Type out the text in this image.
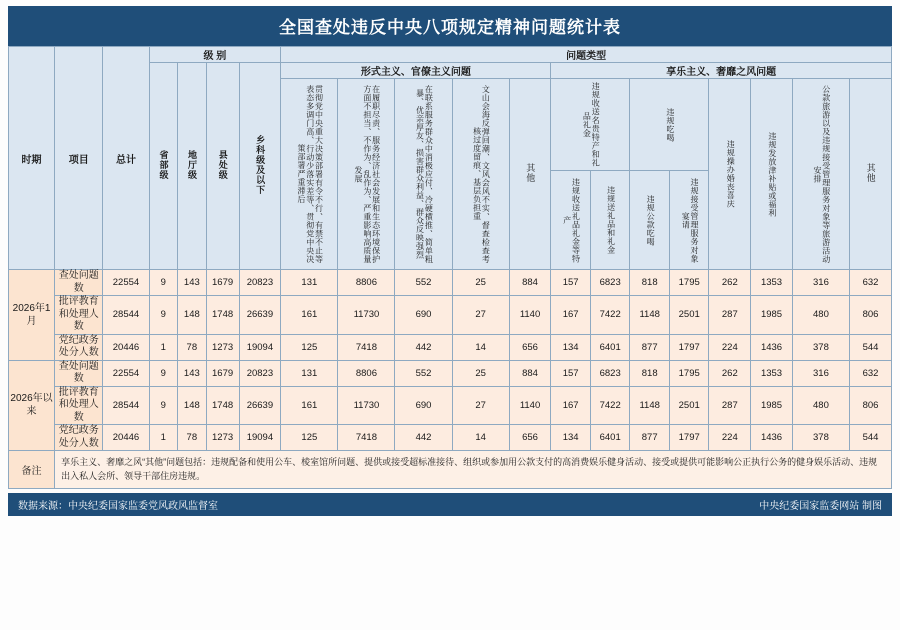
全国查处违反中央八项规定精神问题统计表
时期	项目	总计	级 别				问题类型												
			省部级	地厅级	县处级	乡科级及以下	形式主义、官僚主义问题					享乐主义、奢靡之风问题							

							贯彻党中央重大决策部署有令不行、有禁不止等表态多调门高、行动少落实差等、贯彻党中央决策部署严重滞后	在履职尽责、服务经济社会发展和生态环境保护方面不担当、不作为、乱作为、严重影响高质量发展	在联系服务群众中消极应付、冷硬横推、简单粗暴、优亲厚友、损害群众利益、群众反映强烈	文山会海反弹回潮、文风会风不实、督查检查考核过度留痕、基层负担重	其他	违规收送名贵特产和礼品礼金		违规吃喝		违规操办婚丧喜庆	违规发放津补贴或福利	公款旅游以及违规接受管理服务对象等旅游活动安排	其他

												违规收送礼品礼金等特产	违规送礼品和礼金	违规公款吃喝	违规接受管理服务对象宴请				

2026年1月	查处问题数	22554	9	143	1679	20823	131	8806	552	25	884	157	6823	818	1795	262	1353	316	632
	批评教育和处理人数	28544	9	148	1748	26639	161	11730	690	27	1140	167	7422	1148	2501	287	1985	480	806
	党纪政务处分人数	20446	1	78	1273	19094	125	7418	442	14	656	134	6401	877	1797	224	1436	378	544
2026年以来	查处问题数	22554	9	143	1679	20823	131	8806	552	25	884	157	6823	818	1795	262	1353	316	632
	批评教育和处理人数	28544	9	148	1748	26639	161	11730	690	27	1140	167	7422	1148	2501	287	1985	480	806
	党纪政务处分人数	20446	1	78	1273	19094	125	7418	442	14	656	134	6401	877	1797	224	1436	378	544
备注	享乐主义、奢靡之风“其他”问题包括：违规配备和使用公车、棱室馆所问题、提供或接受超标准接待、组织或参加用公款支付的高消费娱乐健身活动、接受或提供可能影响公正执行公务的健身娱乐活动、违规出入私人会所、领导干部住房违规。																		
数据来源：中央纪委国家监委党风政风监督室	中央纪委国家监委网站 制图
